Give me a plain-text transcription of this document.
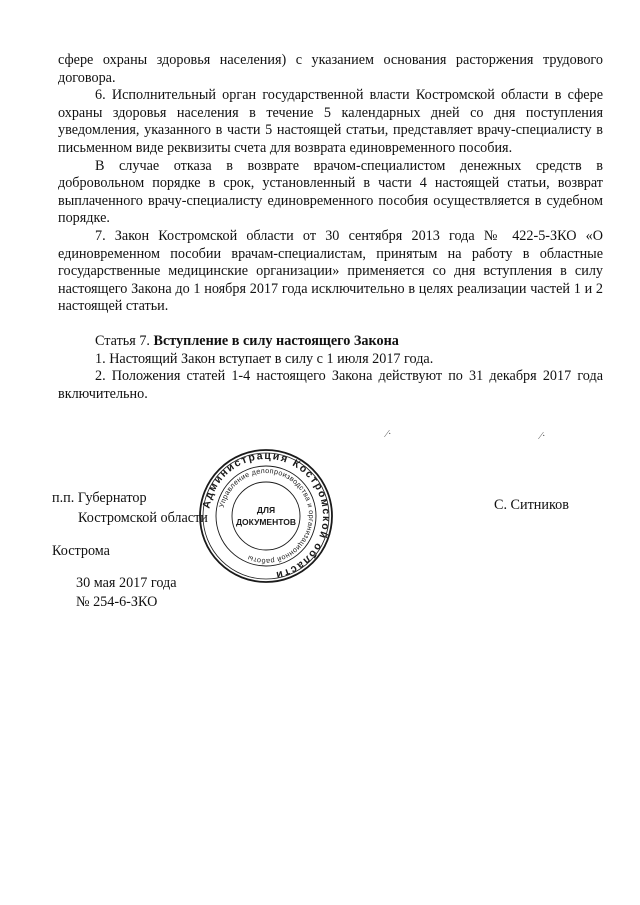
сфере охраны здоровья населения) с указанием основания расторжения трудового договора.

6. Исполнительный орган государственной власти Костромской области в сфере охраны здоровья населения в течение 5 календарных дней со дня поступления уведомления, указанного в части 5 настоящей статьи, представляет врачу-специалисту в письменном виде реквизиты счета для возврата единовременного пособия.

В случае отказа в возврате врачом-специалистом денежных средств в добровольном порядке в срок, установленный в части 4 настоящей статьи, возврат выплаченного врачу-специалисту единовременного пособия осуществляется в судебном порядке.

7. Закон Костромской области от 30 сентября 2013 года № 422-5-ЗКО «О единовременном пособии врачам-специалистам, принятым на работу в областные государственные медицинские организации» применяется со дня вступления в силу настоящего Закона до 1 ноября 2017 года исключительно в целях реализации частей 1 и 2 настоящей статьи.

Статья 7. Вступление в силу настоящего Закона

1. Настоящий Закон вступает в силу с 1 июля 2017 года.

2. Положения статей 1-4 настоящего Закона действуют по 31 декабря 2017 года включительно.

п.п. Губернатор
Костромской области
С. Ситников
Кострома
30 мая 2017 года
№ 254-6-ЗКО
⁄·	⁄·
Администрация Костромской области
Управление делопроизводства и организационной работы
ДЛЯ
ДОКУМЕНТОВ
